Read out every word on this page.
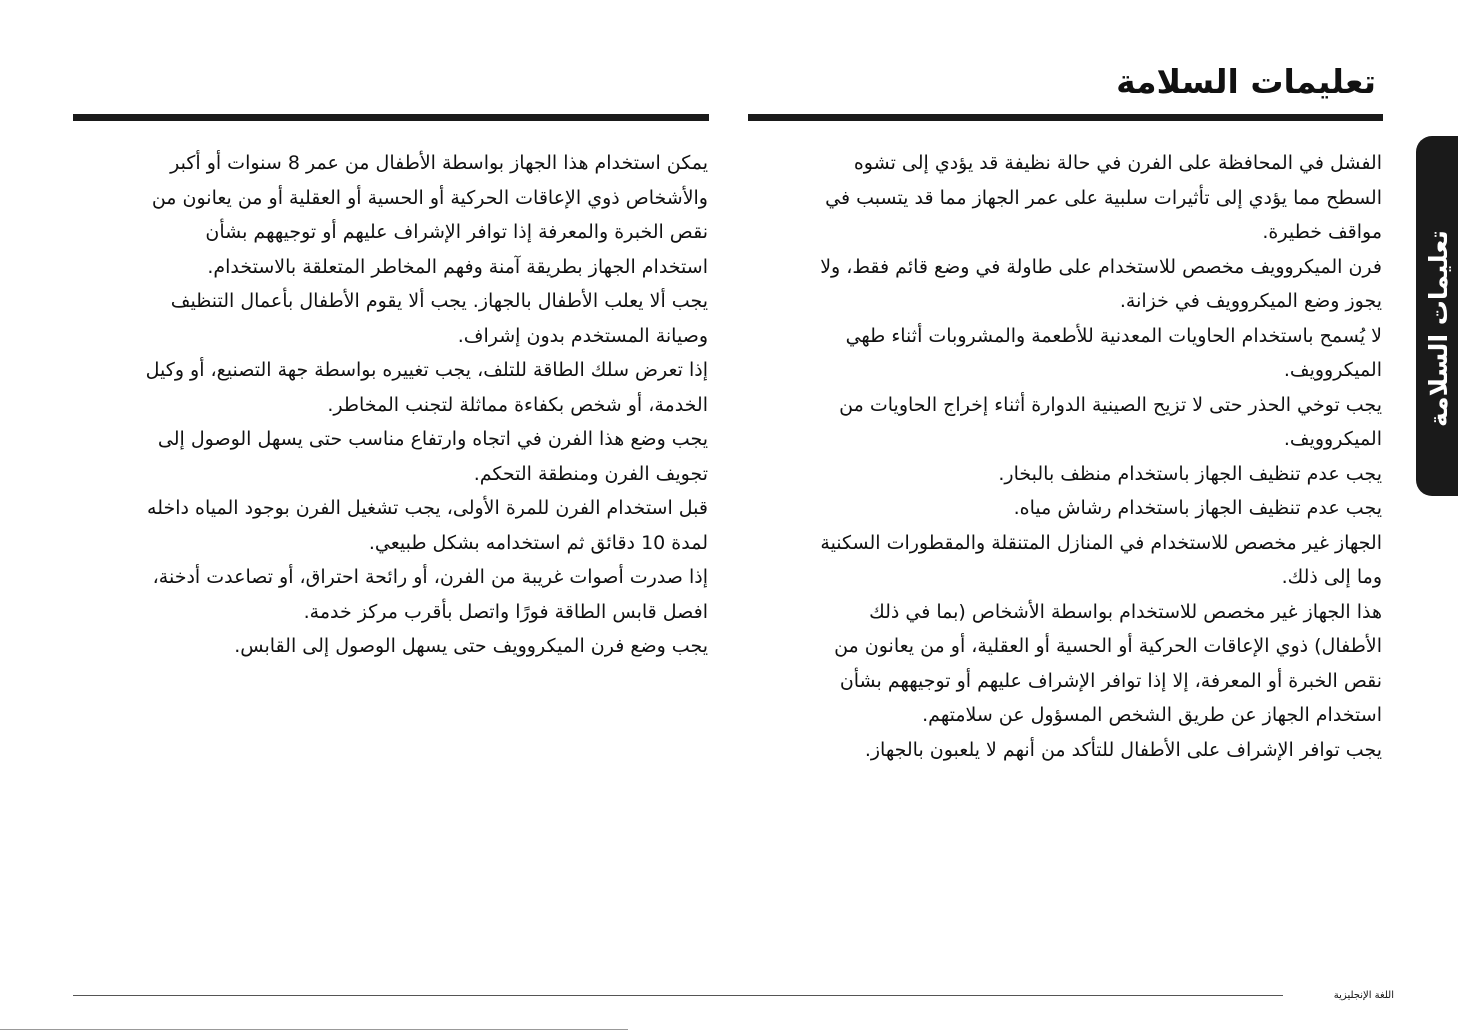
تعليمات السلامة

الفشل في المحافظة على الفرن في حالة نظيفة قد يؤدي إلى تشوه السطح مما يؤدي إلى تأثيرات سلبية على عمر الجهاز مما قد يتسبب في مواقف خطيرة.

فرن الميكروويف مخصص للاستخدام على طاولة في وضع قائم فقط، ولا يجوز وضع الميكروويف في خزانة.

لا يُسمح باستخدام الحاويات المعدنية للأطعمة والمشروبات أثناء طهي الميكروويف.

يجب توخي الحذر حتى لا تزيح الصينية الدوارة أثناء إخراج الحاويات من الميكروويف.

يجب عدم تنظيف الجهاز باستخدام منظف بالبخار.

يجب عدم تنظيف الجهاز باستخدام رشاش مياه.

الجهاز غير مخصص للاستخدام في المنازل المتنقلة والمقطورات السكنية وما إلى ذلك.

هذا الجهاز غير مخصص للاستخدام بواسطة الأشخاص (بما في ذلك الأطفال) ذوي الإعاقات الحركية أو الحسية أو العقلية، أو من يعانون من نقص الخبرة أو المعرفة، إلا إذا توافر الإشراف عليهم أو توجيههم بشأن استخدام الجهاز عن طريق الشخص المسؤول عن سلامتهم.

يجب توافر الإشراف على الأطفال للتأكد من أنهم لا يلعبون بالجهاز.

يمكن استخدام هذا الجهاز بواسطة الأطفال من عمر 8 سنوات أو أكبر والأشخاص ذوي الإعاقات الحركية أو الحسية أو العقلية أو من يعانون من نقص الخبرة والمعرفة إذا توافر الإشراف عليهم أو توجيههم بشأن استخدام الجهاز بطريقة آمنة وفهم المخاطر المتعلقة بالاستخدام.

يجب ألا يعلب الأطفال بالجهاز. يجب ألا يقوم الأطفال بأعمال التنظيف وصيانة المستخدم بدون إشراف.

إذا تعرض سلك الطاقة للتلف، يجب تغييره بواسطة جهة التصنيع، أو وكيل الخدمة، أو شخص بكفاءة مماثلة لتجنب المخاطر.

يجب وضع هذا الفرن في اتجاه وارتفاع مناسب حتى يسهل الوصول إلى تجويف الفرن ومنطقة التحكم.

قبل استخدام الفرن للمرة الأولى، يجب تشغيل الفرن بوجود المياه داخله لمدة 10 دقائق ثم استخدامه بشكل طبيعي.

إذا صدرت أصوات غريبة من الفرن، أو رائحة احتراق، أو تصاعدت أدخنة، افصل قابس الطاقة فورًا واتصل بأقرب مركز خدمة.

يجب وضع فرن الميكروويف حتى يسهل الوصول إلى القابس.

تعليمات السلامة
اللغة الإنجليزية
